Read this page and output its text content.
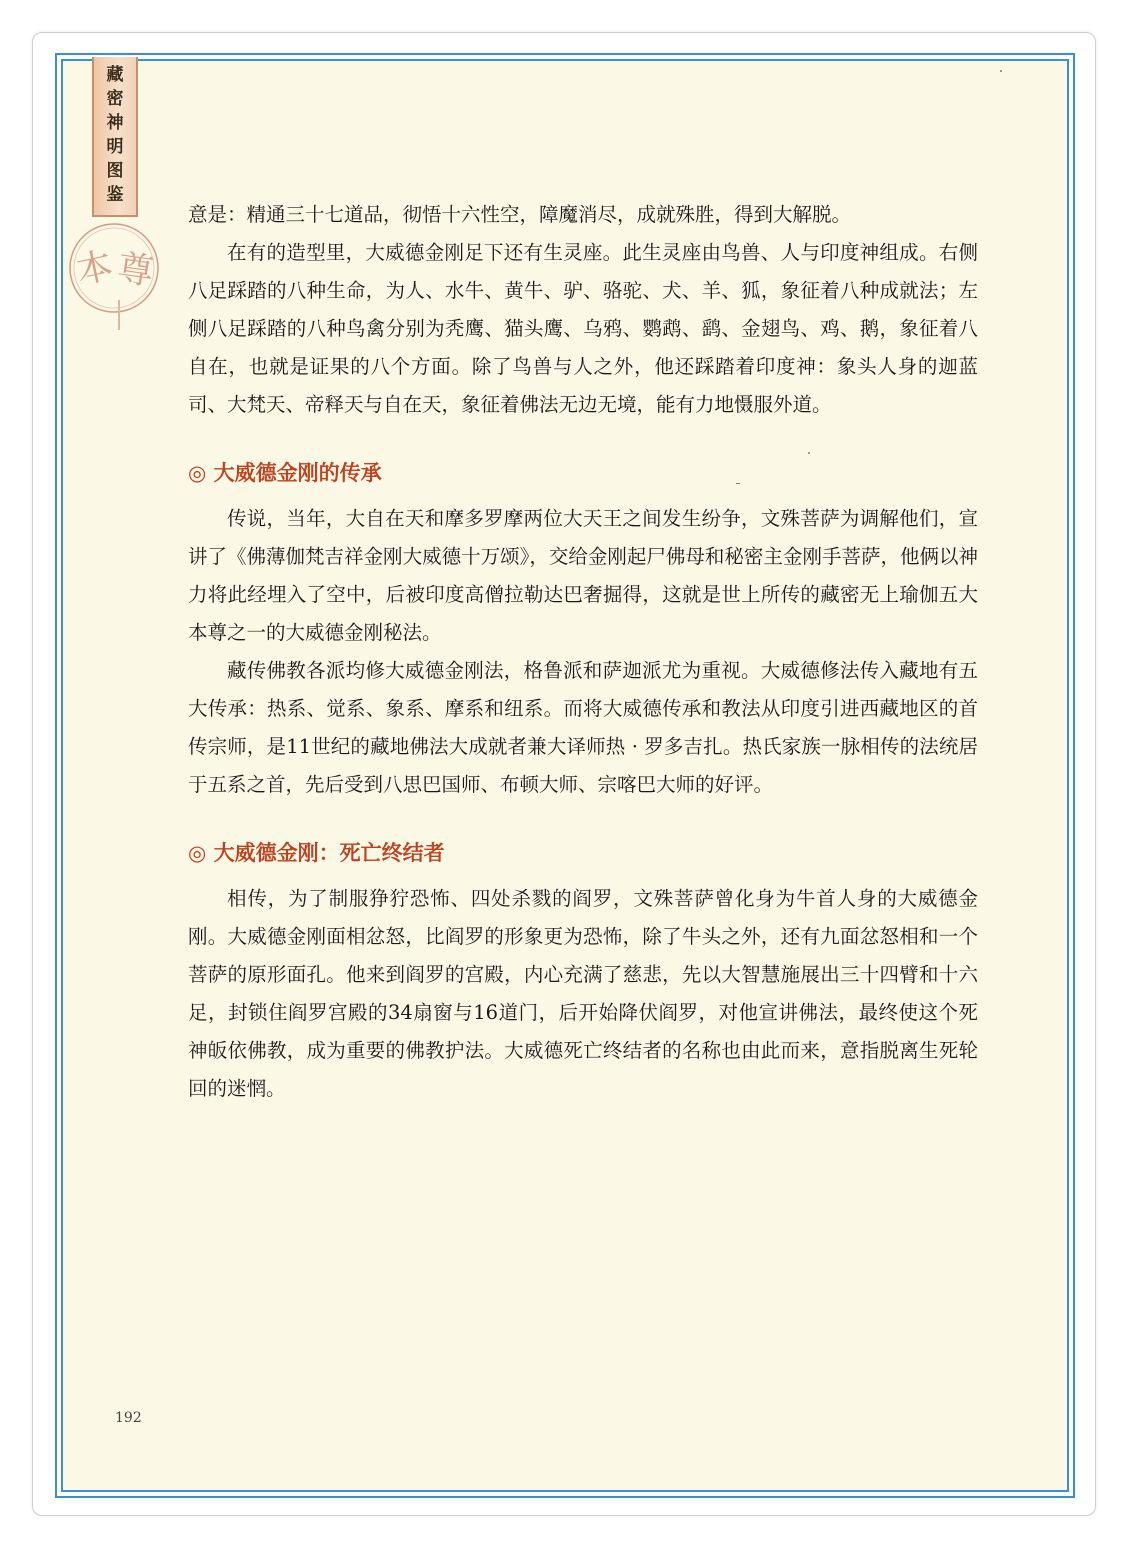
藏
密
神
明
图
鉴
本
尊

意是：精通三十七道品，彻悟十六性空，障魔消尽，成就殊胜，得到大解脱。

在有的造型里，大威德金刚足下还有生灵座。此生灵座由鸟兽、人与印度神组成。右侧八足踩踏的八种生命，为人、水牛、黄牛、驴、骆驼、犬、羊、狐，象征着八种成就法；左侧八足踩踏的八种鸟禽分别为秃鹰、猫头鹰、乌鸦、鹦鹉、鹞、金翅鸟、鸡、鹅，象征着八自在，也就是证果的八个方面。除了鸟兽与人之外，他还踩踏着印度神：象头人身的迦蓝司、大梵天、帝释天与自在天，象征着佛法无边无境，能有力地慑服外道。

◎ 大威德金刚的传承

传说，当年，大自在天和摩多罗摩两位大天王之间发生纷争，文殊菩萨为调解他们，宣讲了《佛薄伽梵吉祥金刚大威德十万颂》，交给金刚起尸佛母和秘密主金刚手菩萨，他俩以神力将此经埋入了空中，后被印度高僧拉勒达巴奢掘得，这就是世上所传的藏密无上瑜伽五大本尊之一的大威德金刚秘法。

藏传佛教各派均修大威德金刚法，格鲁派和萨迦派尤为重视。大威德修法传入藏地有五大传承：热系、觉系、象系、摩系和纽系。而将大威德传承和教法从印度引进西藏地区的首传宗师，是11世纪的藏地佛法大成就者兼大译师热 · 罗多吉扎。热氏家族一脉相传的法统居于五系之首，先后受到八思巴国师、布顿大师、宗喀巴大师的好评。

◎ 大威德金刚：死亡终结者

相传，为了制服狰狞恐怖、四处杀戮的阎罗，文殊菩萨曾化身为牛首人身的大威德金刚。大威德金刚面相忿怒，比阎罗的形象更为恐怖，除了牛头之外，还有九面忿怒相和一个菩萨的原形面孔。他来到阎罗的宫殿，内心充满了慈悲，先以大智慧施展出三十四臂和十六足，封锁住阎罗宫殿的34扇窗与16道门，后开始降伏阎罗，对他宣讲佛法，最终使这个死神皈依佛教，成为重要的佛教护法。大威德死亡终结者的名称也由此而来，意指脱离生死轮回的迷惘。

192
